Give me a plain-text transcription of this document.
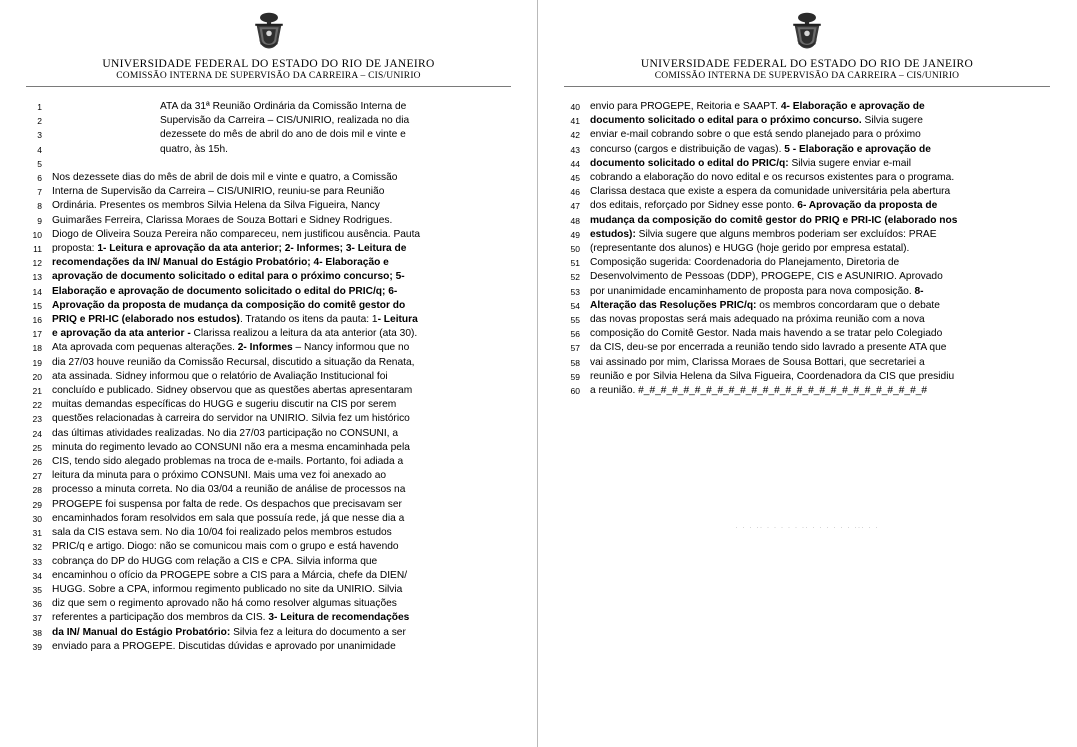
UNIVERSIDADE FEDERAL DO ESTADO DO RIO DE JANEIRO
COMISSÃO INTERNA DE SUPERVISÃO DA CARREIRA – CIS/UNIRIO
1	ATA da 31ª Reunião Ordinária da Comissão Interna de
2	Supervisão da Carreira – CIS/UNIRIO, realizada no dia
3	dezessete do mês de abril do ano de dois mil e vinte e
4	quatro, às 15h.
5
6 Nos dezessete dias do mês de abril de dois mil e vinte e quatro, a Comissão
7 Interna de Supervisão da Carreira – CIS/UNIRIO, reuniu-se para Reunião
8 Ordinária. Presentes os membros Silvia Helena da Silva Figueira, Nancy
9 Guimarães Ferreira, Clarissa Moraes de Souza Bottari e Sidney Rodrigues.
10 Diogo de Oliveira Souza Pereira não compareceu, nem justificou ausência. Pauta
11 proposta: 1- Leitura e aprovação da ata anterior; 2- Informes; 3- Leitura de
12 recomendações da IN/ Manual do Estágio Probatório; 4- Elaboração e
13 aprovação de documento solicitado o edital para o próximo concurso; 5-
14 Elaboração e aprovação de documento solicitado o edital do PRIC/q; 6-
15 Aprovação da proposta de mudança da composição do comitê gestor do
16 PRIQ e PRI-IC (elaborado nos estudos). Tratando os itens da pauta: 1- Leitura
17 e aprovação da ata anterior - Clarissa realizou a leitura da ata anterior (ata 30).
18 Ata aprovada com pequenas alterações. 2- Informes – Nancy informou que no
19 dia 27/03 houve reunião da Comissão Recursal, discutido a situação da Renata,
20 ata assinada. Sidney informou que o relatório de Avaliação Institucional foi
21 concluído e publicado. Sidney observou que as questões abertas apresentaram
22 muitas demandas específicas do HUGG e sugeriu discutir na CIS por serem
23 questões relacionadas à carreira do servidor na UNIRIO. Silvia fez um histórico
24 das últimas atividades realizadas. No dia 27/03 participação no CONSUNI, a
25 minuta do regimento levado ao CONSUNI não era a mesma encaminhada pela
26 CIS, tendo sido alegado problemas na troca de e-mails. Portanto, foi adiada a
27 leitura da minuta para o próximo CONSUNI. Mais uma vez foi anexado ao
28 processo a minuta correta. No dia 03/04 a reunião de análise de processos na
29 PROGEPE foi suspensa por falta de rede. Os despachos que precisavam ser
30 encaminhados foram resolvidos em sala que possuía rede, já que nesse dia a
31 sala da CIS estava sem. No dia 10/04 foi realizado pelos membros estudos
32 PRIC/q e artigo. Diogo: não se comunicou mais com o grupo e está havendo
33 cobrança do DP do HUGG com relação a CIS e CPA. Silvia informa que
34 encaminhou o ofício da PROGEPE sobre a CIS para a Márcia, chefe da DIEN/
35 HUGG. Sobre a CPA, informou regimento publicado no site da UNIRIO. Silvia
36 diz que sem o regimento aprovado não há como resolver algumas situações
37 referentes a participação dos membros da CIS. 3- Leitura de recomendações
38 da IN/ Manual do Estágio Probatório: Silvia fez a leitura do documento a ser
39 enviado para a PROGEPE. Discutidas dúvidas e aprovado por unanimidade
UNIVERSIDADE FEDERAL DO ESTADO DO RIO DE JANEIRO
COMISSÃO INTERNA DE SUPERVISÃO DA CARREIRA – CIS/UNIRIO
40 envio para PROGEPE, Reitoria e SAAPT. 4- Elaboração e aprovação de
41 documento solicitado o edital para o próximo concurso. Silvia sugere
42 enviar e-mail cobrando sobre o que está sendo planejado para o próximo
43 concurso (cargos e distribuição de vagas). 5 - Elaboração e aprovação de
44 documento solicitado o edital do PRIC/q: Silvia sugere enviar e-mail
45 cobrando a elaboração do novo edital e os recursos existentes para o programa.
46 Clarissa destaca que existe a espera da comunidade universitária pela abertura
47 dos editais, reforçado por Sidney esse ponto. 6- Aprovação da proposta de
48 mudança da composição do comitê gestor do PRIQ e PRI-IC (elaborado nos
49 estudos): Silvia sugere que alguns membros poderiam ser excluídos: PRAE
50 (representante dos alunos) e HUGG (hoje gerido por empresa estatal).
51 Composição sugerida: Coordenadoria do Planejamento, Diretoria de
52 Desenvolvimento de Pessoas (DDP), PROGEPE, CIS e ASUNIRIO. Aprovado
53 por unanimidade encaminhamento de proposta para nova composição. 8-
54 Alteração das Resoluções PRIC/q: os membros concordaram que o debate
55 das novas propostas será mais adequado na próxima reunião com a nova
56 composição do Comitê Gestor. Nada mais havendo a se tratar pelo Colegiado
57 da CIS, deu-se por encerrada a reunião tendo sido lavrado a presente ATA que
58 vai assinado por mim, Clarissa Moraes de Sousa Bottari, que secretariei a
59 reunião e por Silvia Helena da Silva Figueira, Coordenadora da CIS que presidiu
60 a reunião. #_#_#_#_#_#_#_#_#_#_#_#_#_#_#_#_#_#_#_#_#_#_#_#_#_#
. . . .. . . . . . .. . . . . . . ... . .
